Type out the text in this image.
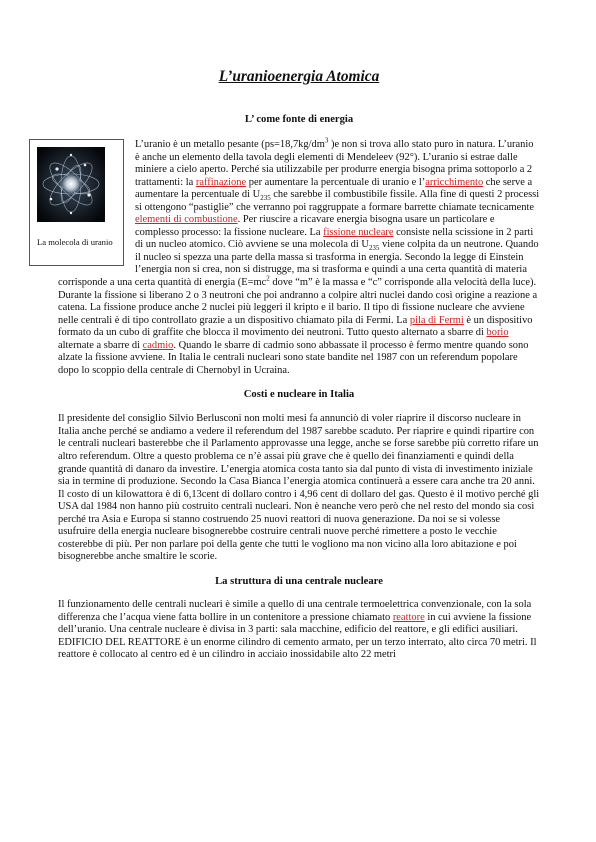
L’uranioenergia Atomica
L’ come fonte di energia
La molecola di uranio

L’uranio è un metallo pesante ($ps=18,7kg/dm^3$ )e non si trova allo stato puro in natura. L’uranio è anche un elemento della tavola degli elementi di Mendeleev (92°). L’uranio si estrae dalle miniere a cielo aperto. Perché sia utilizzabile per produrre energia bisogna prima sottoporlo a 2 trattamenti: la raffinazione per aumentare la percentuale di uranio e l’arricchimento che serve a aumentare la percentuale di $U_{235}$ che sarebbe il combustibile fissile. Alla fine di questi 2 processi si ottengono “pastiglie” che verranno poi raggruppate a formare barrette chiamate tecnicamente elementi di combustione. Per riuscire a ricavare energia bisogna usare un particolare e complesso processo: la fissione nucleare. La fissione nucleare consiste nella scissione in 2 parti di un nucleo atomico. Ciò avviene se una molecola di $U_{235}$ viene colpita da un neutrone. Quando il nucleo si spezza una parte della massa si trasforma in energia. Secondo la legge di Einstein l’energia non si crea, non si distrugge, ma si trasforma e quindi a una certa quantità di materia corrisponde a una certa quantità di energia ($E=mc^2$ dove “m” è la massa e “c” corrisponde alla velocità della luce). Durante la fissione si liberano 2 o 3 neutroni che poi andranno a colpire altri nuclei dando così origine a reazione a catena. La fissione produce anche 2 nuclei più leggeri il kripto e il bario. Il tipo di fissione nucleare che avviene nelle centrali è di tipo controllato grazie a un dispositivo chiamato pila di Fermi. La pila di Fermi è un dispositivo formato da un cubo di graffite che blocca il movimento dei neutroni. Tutto questo alternato a sbarre di borio alternate a sbarre di cadmio. Quando le sbarre di cadmio sono abbassate il processo è fermo mentre quando sono alzate la fissione avviene. In Italia le centrali nucleari sono state bandite nel 1987 con un referendum popolare dopo lo scoppio della centrale di Chernobyl in Ucraina.

Costi e nucleare in Italia

Il presidente del consiglio Silvio Berlusconi non molti mesi fa annunciò di voler riaprire il discorso nucleare in Italia anche perché se andiamo a vedere il referendum del 1987 sarebbe scaduto. Per riaprire e quindi ripartire con le centrali nucleari basterebbe che il Parlamento approvasse una legge, anche se forse sarebbe più corretto rifare un altro referendum. Oltre a questo problema ce n’è assai più grave che è quello dei finanziamenti e quindi della grande quantità di danaro da investire. L’energia atomica costa tanto sia dal punto di vista di investimento iniziale sia in termine di produzione. Secondo la Casa Bianca l’energia atomica continuerà a essere cara anche tra 20 anni. Il costo di un kilowattora è di 6,13cent di dollaro contro i 4,96 cent di dollaro del gas. Questo è il motivo perché gli USA dal 1984 non hanno più costruito centrali nucleari. Non è neanche vero però che nel resto del mondo sia così perché tra Asia e Europa si stanno costruendo 25 nuovi reattori di nuova generazione. Da noi se si volesse usufruire della energia nucleare bisognerebbe costruire centrali nuove perché rimettere a posto le vecchie costerebbe di più. Per non parlare poi della gente che tutti le vogliono ma non vicino alla loro abitazione e poi bisognerebbe anche smaltire le scorie.

La struttura di una centrale nucleare

Il funzionamento delle centrali nucleari è simile a quello di una centrale termoelettrica convenzionale, con la sola differenza che l’acqua viene fatta bollire in un contenitore a pressione chiamato reattore in cui avviene la fissione dell’uranio. Una centrale nucleare è divisa in 3 parti: sala macchine, edificio del reattore, e gli edifici ausiliari.

EDIFICIO DEL REATTORE è un enorme cilindro di cemento armato, per un terzo interrato, alto circa 70 metri. Il reattore è collocato al centro ed è un cilindro in acciaio inossidabile alto 22 metri
